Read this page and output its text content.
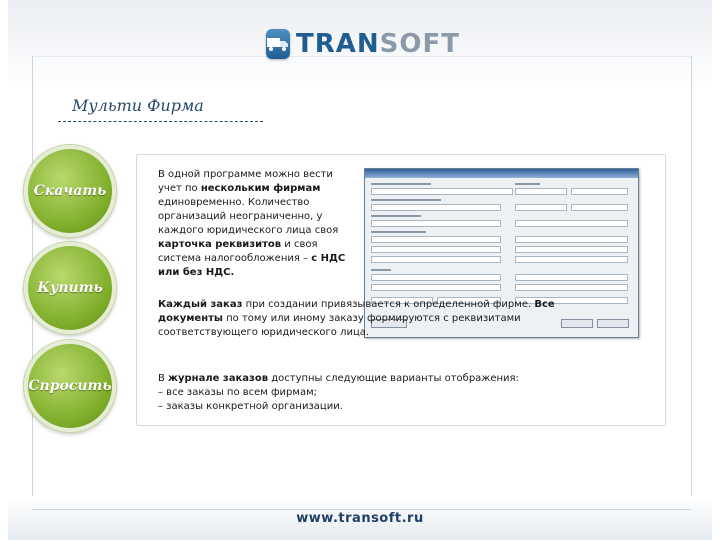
TRANSOFT
Мульти Фирма
Скачать
Купить
Спросить
В одной программе можно вести учет по нескольким фирмам единовременно. Количество организаций неограниченно, у каждого юридического лица своя карточка реквизитов и своя система налогообложения – с НДС или без НДС.
Каждый заказ при создании привязывается к определенной фирме. Все документы по тому или иному заказу формируются с реквизитами соответствующего юридического лица.
В журнале заказов доступны следующие варианты отображения:
– все заказы по всем фирмам;
– заказы конкретной организации.
www.transoft.ru
